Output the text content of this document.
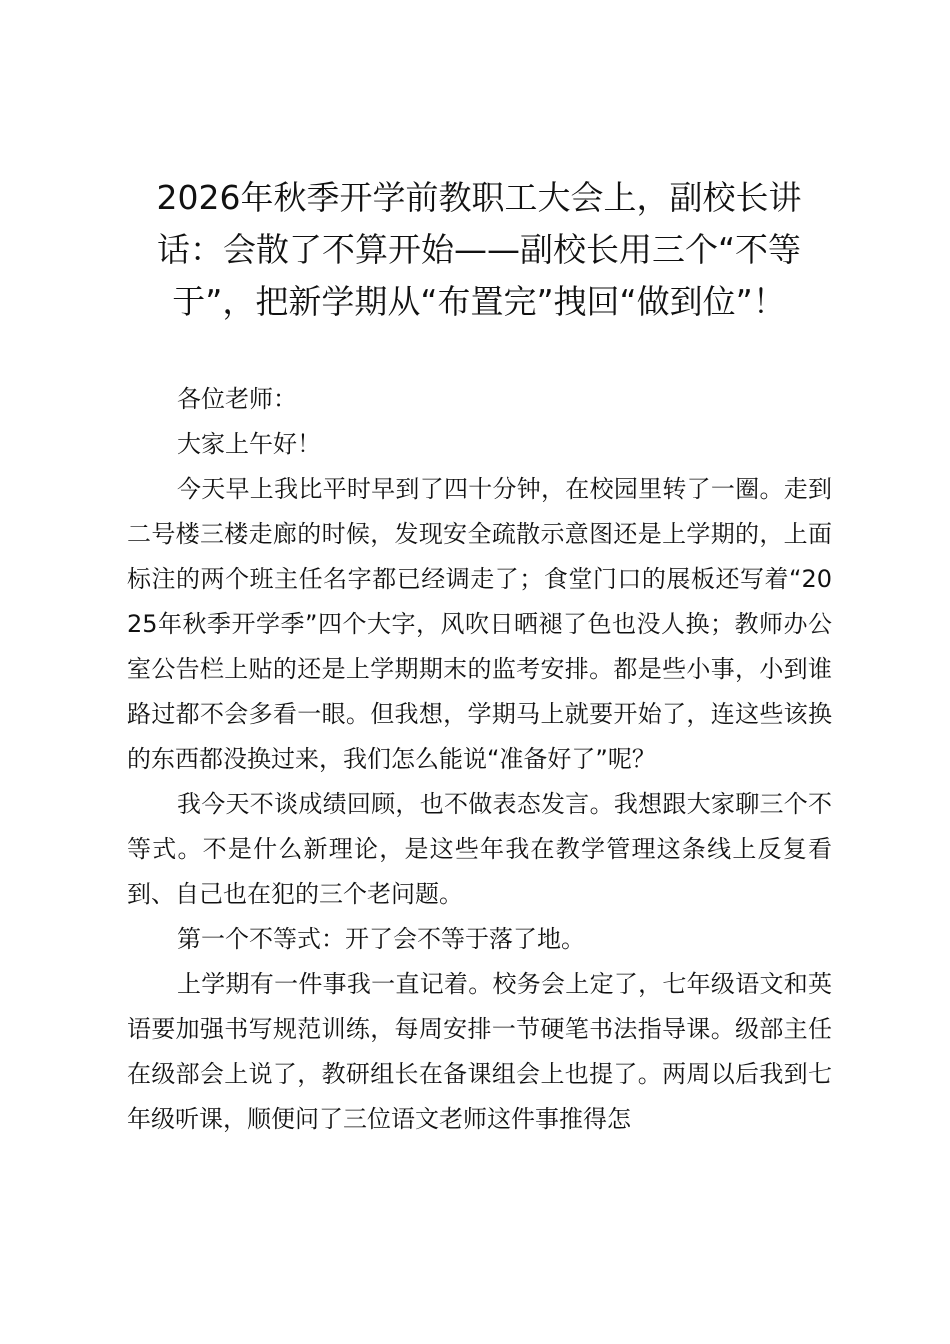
2026年秋季开学前教职工大会上，副校长讲话：会散了不算开始——副校长用三个“不等于”，把新学期从“布置完”拽回“做到位”！

各位老师：

大家上午好！

今天早上我比平时早到了四十分钟，在校园里转了一圈。走到二号楼三楼走廊的时候，发现安全疏散示意图还是上学期的，上面标注的两个班主任名字都已经调走了；食堂门口的展板还写着“2025年秋季开学季”四个大字，风吹日晒褪了色也没人换；教师办公室公告栏上贴的还是上学期期末的监考安排。都是些小事，小到谁路过都不会多看一眼。但我想，学期马上就要开始了，连这些该换的东西都没换过来，我们怎么能说“准备好了”呢？

我今天不谈成绩回顾，也不做表态发言。我想跟大家聊三个不等式。不是什么新理论，是这些年我在教学管理这条线上反复看到、自己也在犯的三个老问题。

第一个不等式：开了会不等于落了地。

上学期有一件事我一直记着。校务会上定了，七年级语文和英语要加强书写规范训练，每周安排一节硬笔书法指导课。级部主任在级部会上说了，教研组长在备课组会上也提了。两周以后我到七年级听课，顺便问了三位语文老师这件事推得怎
